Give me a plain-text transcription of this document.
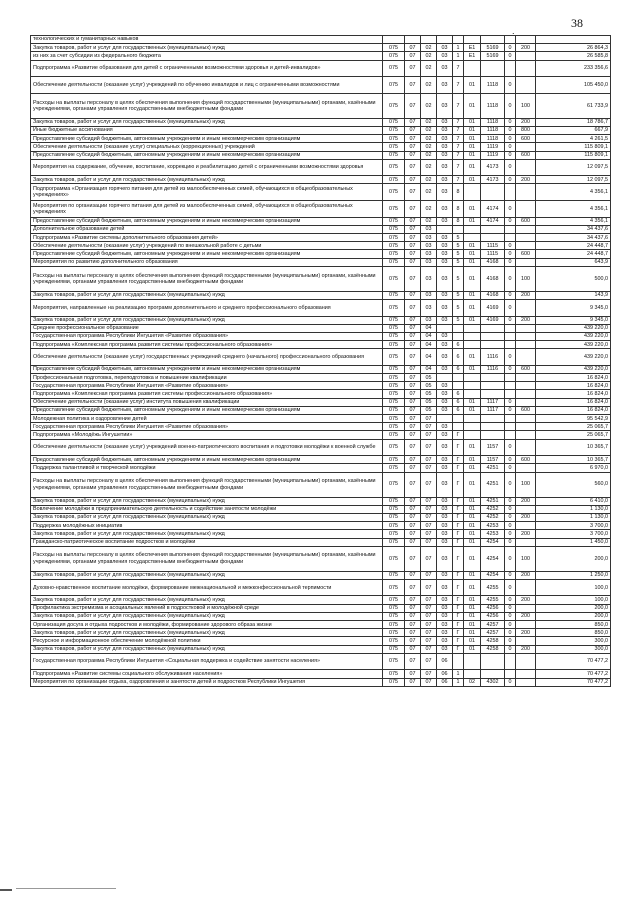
38
.
технологических и гуманитарных навыков										
Закупка товаров, работ и услуг для государственных (муниципальных) нужд	075	07	02	03	1	Е1	5169	0	200	26 864,3
из них за счет субсидии из федерального бюджета	075	07	02	03	1	Е1	5169	0		26 585,8
Подпрограмма «Развитие образования для детей с ограниченными возможностями здоровья и детей-инвалидов»	075	07	02	03	7					233 356,6
Обеспечение деятельности (оказание услуг) учреждений по обучению инвалидов и лиц с ограниченными возможностями	075	07	02	03	7	01	1118	0		105 450,0
Расходы на выплаты персоналу в целях обеспечения выполнения функций государственными (муниципальными) органами, казёнными учреждениями, органами управления государственными внебюджетными фондами	075	07	02	03	7	01	1118	0	100	61 733,9
Закупка товаров, работ и услуг для государственных (муниципальных) нужд	075	07	02	03	7	01	1118	0	200	18 786,7
Иные бюджетные ассигнования	075	07	02	03	7	01	1118	0	800	667,9
Предоставление субсидий бюджетным, автономным учреждениям и иным некоммерческим организациям	075	07	02	03	7	01	1118	0	600	4 261,5
Обеспечение деятельности (оказание услуг) специальных (коррекционных) учреждений	075	07	02	03	7	01	1119	0		115 809,1
Предоставление субсидий бюджетным, автономным учреждениям и иным некоммерческим организациям	075	07	02	03	7	01	1119	0	600	115 809,1
Мероприятия на содержание, обучение, воспитание, коррекцию и реабилитацию детей с ограниченными возможностями здоровья	075	07	02	03	7	01	4173	0		12 097,5
Закупка товаров, работ и услуг для государственных (муниципальных) нужд	075	07	02	03	7	01	4173	0	200	12 097,5
Подпрограмма «Организация горячего питания для детей из малообеспеченных семей, обучающихся в общеобразовательных учреждениях»	075	07	02	03	8					4 356,1
Мероприятия по организации горячего питания для детей из малообеспеченных семей, обучающихся в общеобразовательных учреждениях	075	07	02	03	8	01	4174	0		4 356,1
Предоставление субсидий бюджетным, автономным учреждениям и иным некоммерческим организациям	075	07	02	03	8	01	4174	0	600	4 356,1
Дополнительное образование детей	075	07	03							34 437,6
Подпрограмма «Развитие системы дополнительного образования детей»	075	07	03	03	5					34 437,6
Обеспечение деятельности (оказание услуг) учреждений по внешкольной работе с детьми	075	07	03	03	5	01	1115	0		24 448,7
Предоставление субсидий бюджетным, автономным учреждениям и иным некоммерческим организациям	075	07	03	03	5	01	1115	0	600	24 448,7
Мероприятия по развитию дополнительного образования	075	07	03	03	5	01	4168	0		643,9
Расходы на выплаты персоналу в целях обеспечения выполнения функций государственными (муниципальными) органами, казёнными учреждениями, органами управления государственными внебюджетными фондами	075	07	03	03	5	01	4168	0	100	500,0
Закупка товаров, работ и услуг для государственных (муниципальных) нужд	075	07	03	03	5	01	4168	0	200	143,9
Мероприятия, направленные на реализацию программ дополнительного и среднего профессионального образования	075	07	03	03	5	01	4169	0		9 345,0
Закупка товаров, работ и услуг для государственных (муниципальных) нужд	075	07	03	03	5	01	4169	0	200	9 345,0
Среднее профессиональное образование	075	07	04							439 220,0
Государственная программа Республики Ингушетия «Развитие образования»	075	07	04	03						439 220,0
Подпрограмма «Комплексная программа развития системы профессионального образования»	075	07	04	03	6					439 220,0
Обеспечение деятельности (оказание услуг) государственных учреждений среднего (начального) профессионального образования	075	07	04	03	6	01	1116	0		439 220,0
Предоставление субсидий бюджетным, автономным учреждениям и иным некоммерческим организациям	075	07	04	03	6	01	1116	0	600	439 220,0
Профессиональная подготовка, переподготовка и повышение квалификации	075	07	05							16 824,0
Государственная программа Республики Ингушетия «Развитие образования»	075	07	05	03						16 824,0
Подпрограмма «Комплексная программа развития системы профессионального образования»	075	07	05	03	6					16 824,0
Обеспечение деятельности (оказание услуг) института повышения квалификации	075	07	05	03	6	01	1117	0		16 824,0
Предоставление субсидий бюджетным, автономным учреждениям и иным некоммерческим организациям	075	07	05	03	6	01	1117	0	600	16 824,0
Молодежная политика и оздоровление детей	075	07	07							95 542,9
Государственная программа Республики Ингушетия «Развитие образования»	075	07	07	03						25 065,7
Подпрограмма «Молодёжь Ингушетии»	075	07	07	03	Г					25 065,7
Обеспечение деятельности (оказание услуг) учреждений военно-патриотического воспитания и подготовки молодёжи к военной службе	075	07	07	03	Г	01	1157	0		10 365,7
Предоставление субсидий бюджетным, автономным учреждениям и иным некоммерческим организациям	075	07	07	03	Г	01	1157	0	600	10 365,7
Поддержка талантливой и творческой молодёжи	075	07	07	03	Г	01	4251	0		6 970,0
Расходы на выплаты персоналу в целях обеспечения выполнения функций государственными (муниципальными) органами, казёнными учреждениями, органами управления государственными внебюджетными фондами	075	07	07	03	Г	01	4251	0	100	560,0
Закупка товаров, работ и услуг для государственных (муниципальных) нужд	075	07	07	03	Г	01	4251	0	200	6 410,0
Вовлечение молодёжи в предпринимательскую деятельность и содействие занятости молодёжи	075	07	07	03	Г	01	4252	0		1 130,0
Закупка товаров, работ и услуг для государственных (муниципальных) нужд	075	07	07	03	Г	01	4252	0	200	1 130,0
Поддержка молодёжных инициатив	075	07	07	03	Г	01	4253	0		3 700,0
Закупка товаров, работ и услуг для государственных (муниципальных) нужд	075	07	07	03	Г	01	4253	0	200	3 700,0
Гражданско-патриотическое воспитание подростков и молодёжи	075	07	07	03	Г	01	4254	0		1 450,0
Расходы на выплаты персоналу в целях обеспечения выполнения функций государственными (муниципальными) органами, казёнными учреждениями, органами управления государственными внебюджетными фондами	075	07	07	03	Г	01	4254	0	100	200,0
Закупка товаров, работ и услуг для государственных (муниципальных) нужд	075	07	07	03	Г	01	4254	0	200	1 250,0
Духовно-нравственное воспитание молодёжи, формирование межнациональной и межконфессиональной терпимости	075	07	07	03	Г	01	4255	0		100,0
Закупка товаров, работ и услуг для государственных (муниципальных) нужд	075	07	07	03	Г	01	4255	0	200	100,0
Профилактика экстремизма и асоциальных явлений в подростковой и молодёжной среде	075	07	07	03	Г	01	4256	0		200,0
Закупка товаров, работ и услуг для государственных (муниципальных) нужд	075	07	07	03	Г	01	4256	0	200	200,0
Организация досуга и отдыха подростков и молодёжи, формирование здорового образа жизни	075	07	07	03	Г	01	4257	0		850,0
Закупка товаров, работ и услуг для государственных (муниципальных) нужд	075	07	07	03	Г	01	4257	0	200	850,0
Ресурсное и информационное обеспечение молодёжной политики	075	07	07	03	Г	01	4258	0		300,0
Закупка товаров, работ и услуг для государственных (муниципальных) нужд	075	07	07	03	Г	01	4258	0	200	300,0
Государственная программа Республики Ингушетия «Социальная поддержка и содействие занятости населения»	075	07	07	06						70 477,2
Подпрограмма «Развитие системы социального обслуживания населения»	075	07	07	06	1					70 477,2
Мероприятия по организации отдыха, оздоровления и занятости детей и подростков Республики Ингушетия	075	07	07	06	1	02	4302	0		70 477,2
